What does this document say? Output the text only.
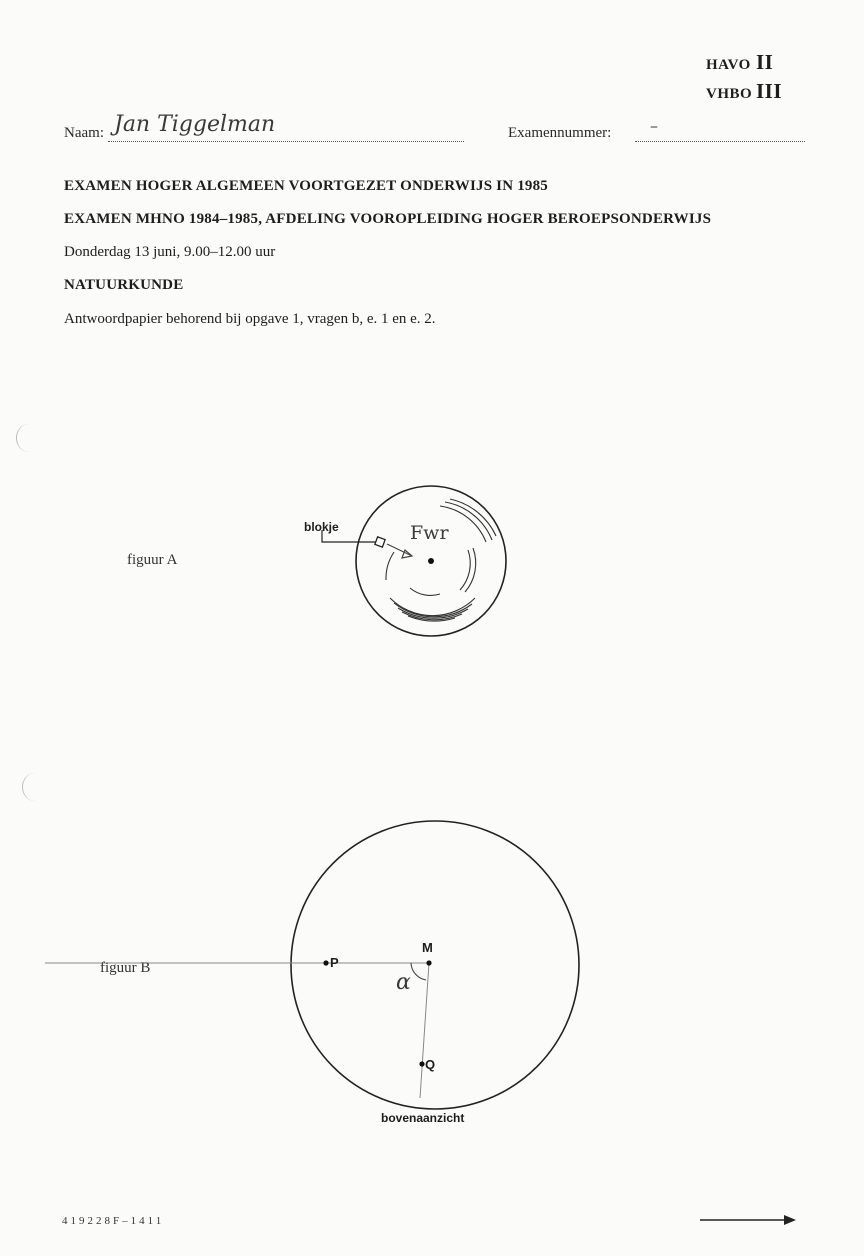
HAVO II
VHBO III
Naam: Jan Tiggelman	Examennummer: –
EXAMEN HOGER ALGEMEEN VOORTGEZET ONDERWIJS IN 1985
EXAMEN MHNO 1984–1985, AFDELING VOOROPLEIDING HOGER BEROEPSONDERWIJS
Donderdag 13 juni, 9.00–12.00 uur
NATUURKUNDE
Antwoordpapier behorend bij opgave 1, vragen b, e. 1 en e. 2.
figuur A
blokje	Fwr
figuur B
M
P
Q
α
bovenaanzicht
419228F–1411
